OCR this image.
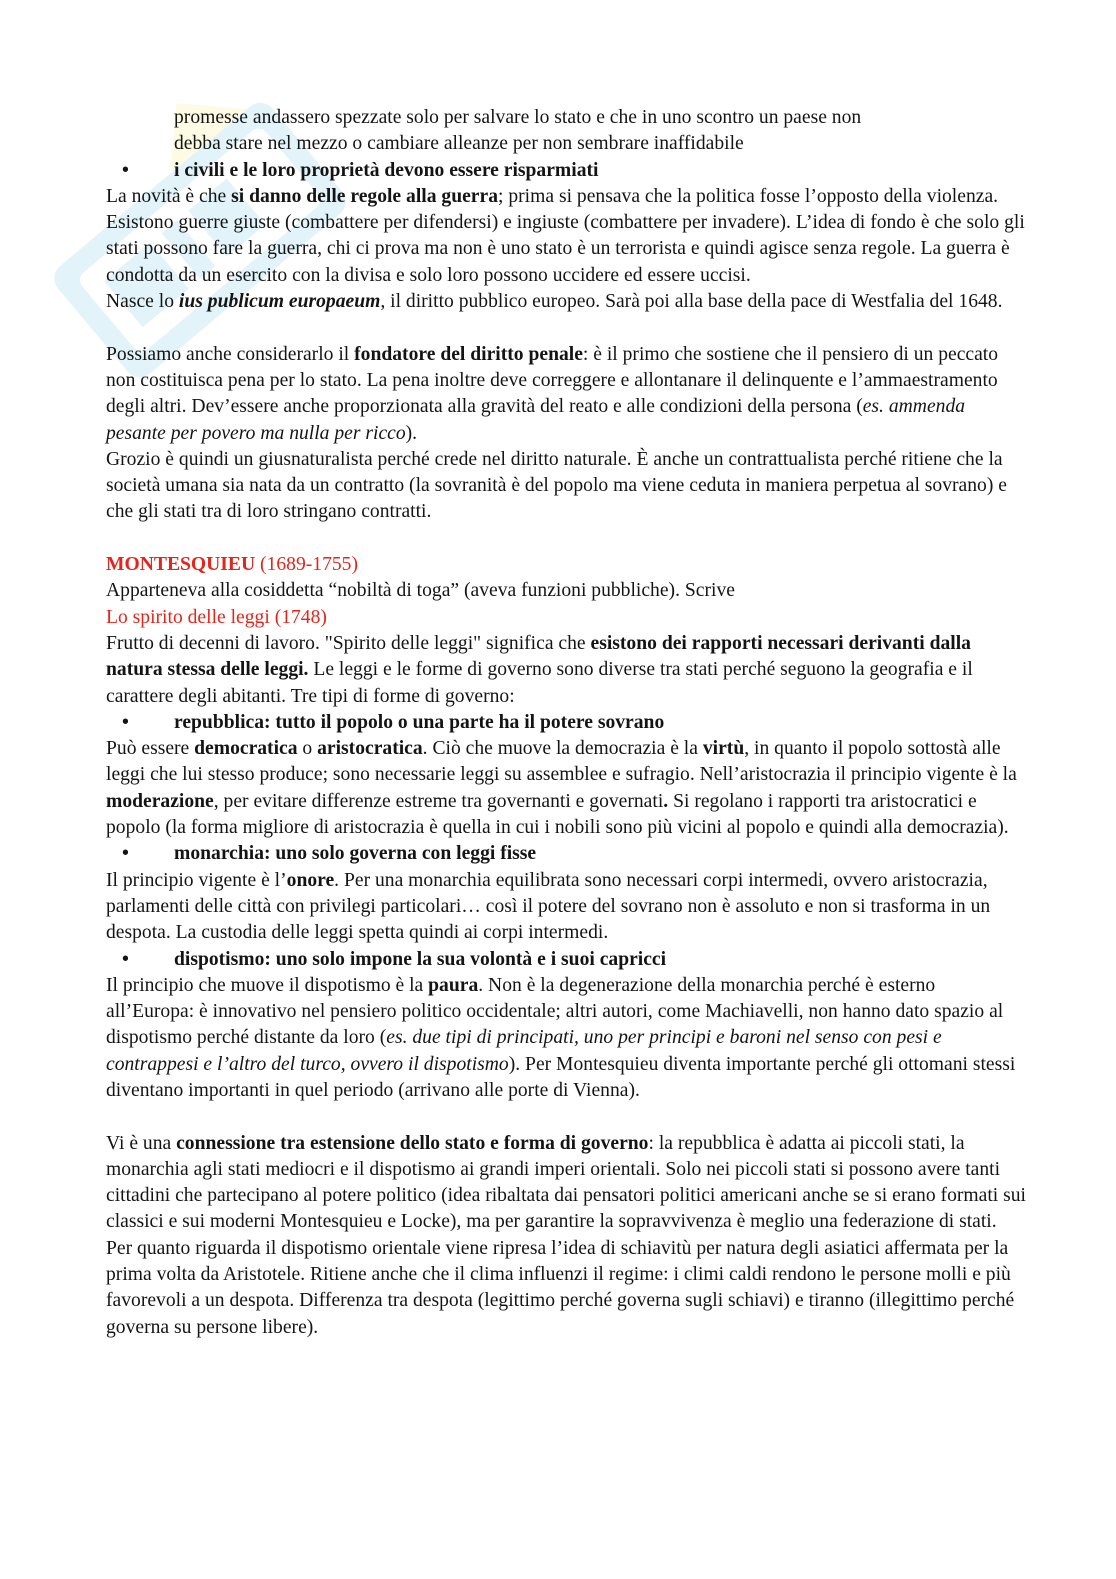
promesse andassero spezzate solo per salvare lo stato e che in uno scontro un paese non

debba stare nel mezzo o cambiare alleanze per non sembrare inaffidabile

• i civili e le loro proprietà devono essere risparmiati

La novità è che si danno delle regole alla guerra; prima si pensava che la politica fosse l’opposto della violenza. Esistono guerre giuste (combattere per difendersi) e ingiuste (combattere per invadere). L’idea di fondo è che solo gli stati possono fare la guerra, chi ci prova ma non è uno stato è un terrorista e quindi agisce senza regole. La guerra è condotta da un esercito con la divisa e solo loro possono uccidere ed essere uccisi.

Nasce lo ius publicum europaeum, il diritto pubblico europeo. Sarà poi alla base della pace di Westfalia del 1648.

Possiamo anche considerarlo il fondatore del diritto penale: è il primo che sostiene che il pensiero di un peccato non costituisca pena per lo stato. La pena inoltre deve correggere e allontanare il delinquente e l’ammaestramento degli altri. Dev’essere anche proporzionata alla gravità del reato e alle condizioni della persona (es. ammenda pesante per povero ma nulla per ricco).

Grozio è quindi un giusnaturalista perché crede nel diritto naturale. È anche un contrattualista perché ritiene che la società umana sia nata da un contratto (la sovranità è del popolo ma viene ceduta in maniera perpetua al sovrano) e che gli stati tra di loro stringano contratti.

MONTESQUIEU (1689-1755)

Apparteneva alla cosiddetta “nobiltà di toga” (aveva funzioni pubbliche). Scrive

Lo spirito delle leggi (1748)

Frutto di decenni di lavoro. "Spirito delle leggi" significa che esistono dei rapporti necessari derivanti dalla natura stessa delle leggi. Le leggi e le forme di governo sono diverse tra stati perché seguono la geografia e il carattere degli abitanti. Tre tipi di forme di governo:

• repubblica: tutto il popolo o una parte ha il potere sovrano

Può essere democratica o aristocratica. Ciò che muove la democrazia è la virtù, in quanto il popolo sottostà alle leggi che lui stesso produce; sono necessarie leggi su assemblee e sufragio. Nell’aristocrazia il principio vigente è la moderazione, per evitare differenze estreme tra governanti e governati. Si regolano i rapporti tra aristocratici e popolo (la forma migliore di aristocrazia è quella in cui i nobili sono più vicini al popolo e quindi alla democrazia).

• monarchia: uno solo governa con leggi fisse

Il principio vigente è l’onore. Per una monarchia equilibrata sono necessari corpi intermedi, ovvero aristocrazia, parlamenti delle città con privilegi particolari… così il potere del sovrano non è assoluto e non si trasforma in un despota. La custodia delle leggi spetta quindi ai corpi intermedi.

• dispotismo: uno solo impone la sua volontà e i suoi capricci

Il principio che muove il dispotismo è la paura. Non è la degenerazione della monarchia perché è esterno all’Europa: è innovativo nel pensiero politico occidentale; altri autori, come Machiavelli, non hanno dato spazio al dispotismo perché distante da loro (es. due tipi di principati, uno per principi e baroni nel senso con pesi e contrappesi e l’altro del turco, ovvero il dispotismo). Per Montesquieu diventa importante perché gli ottomani stessi diventano importanti in quel periodo (arrivano alle porte di Vienna).

Vi è una connessione tra estensione dello stato e forma di governo: la repubblica è adatta ai piccoli stati, la monarchia agli stati mediocri e il dispotismo ai grandi imperi orientali. Solo nei piccoli stati si possono avere tanti cittadini che partecipano al potere politico (idea ribaltata dai pensatori politici americani anche se si erano formati sui classici e sui moderni Montesquieu e Locke), ma per garantire la sopravvivenza è meglio una federazione di stati. Per quanto riguarda il dispotismo orientale viene ripresa l’idea di schiavitù per natura degli asiatici affermata per la prima volta da Aristotele. Ritiene anche che il clima influenzi il regime: i climi caldi rendono le persone molli e più favorevoli a un despota. Differenza tra despota (legittimo perché governa sugli schiavi) e tiranno (illegittimo perché governa su persone libere).
